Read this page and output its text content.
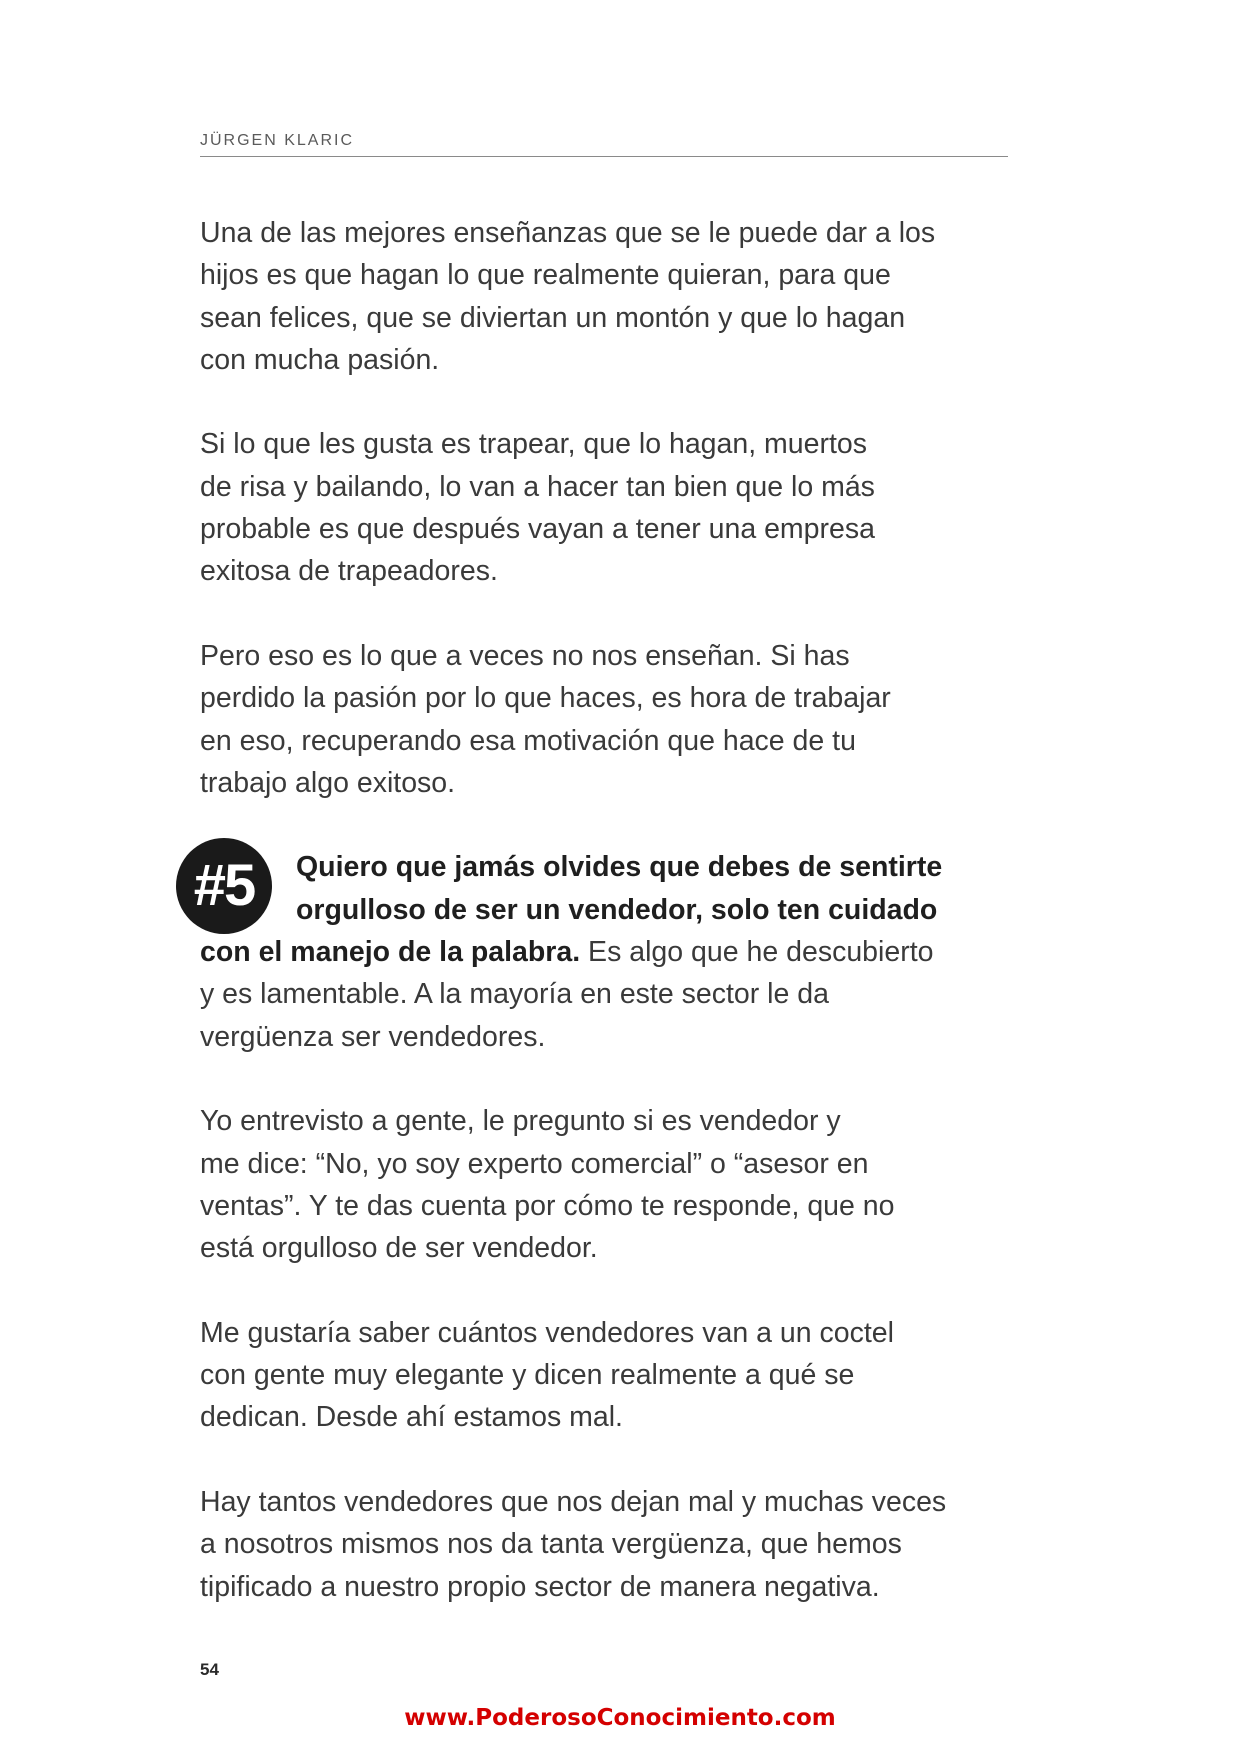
JÜRGEN KLARIC

Una de las mejores enseñanzas que se le puede dar a los
hijos es que hagan lo que realmente quieran, para que
sean felices, que se diviertan un montón y que lo hagan
con mucha pasión.

Si lo que les gusta es trapear, que lo hagan, muertos
de risa y bailando, lo van a hacer tan bien que lo más
probable es que después vayan a tener una empresa
exitosa de trapeadores.

Pero eso es lo que a veces no nos enseñan. Si has
perdido la pasión por lo que haces, es hora de trabajar
en eso, recuperando esa motivación que hace de tu
trabajo algo exitoso.

#5	Quiero que jamás olvides que debes de sentirte
orgulloso de ser un vendedor, solo ten cuidado
con el manejo de la palabra. Es algo que he descubierto
y es lamentable. A la mayoría en este sector le da
vergüenza ser vendedores.

Yo entrevisto a gente, le pregunto si es vendedor y
me dice: “No, yo soy experto comercial” o “asesor en
ventas”. Y te das cuenta por cómo te responde, que no
está orgulloso de ser vendedor.

Me gustaría saber cuántos vendedores van a un coctel
con gente muy elegante y dicen realmente a qué se
dedican. Desde ahí estamos mal.

Hay tantos vendedores que nos dejan mal y muchas veces
a nosotros mismos nos da tanta vergüenza, que hemos
tipificado a nuestro propio sector de manera negativa.

54
www.PoderosoConocimiento.com
